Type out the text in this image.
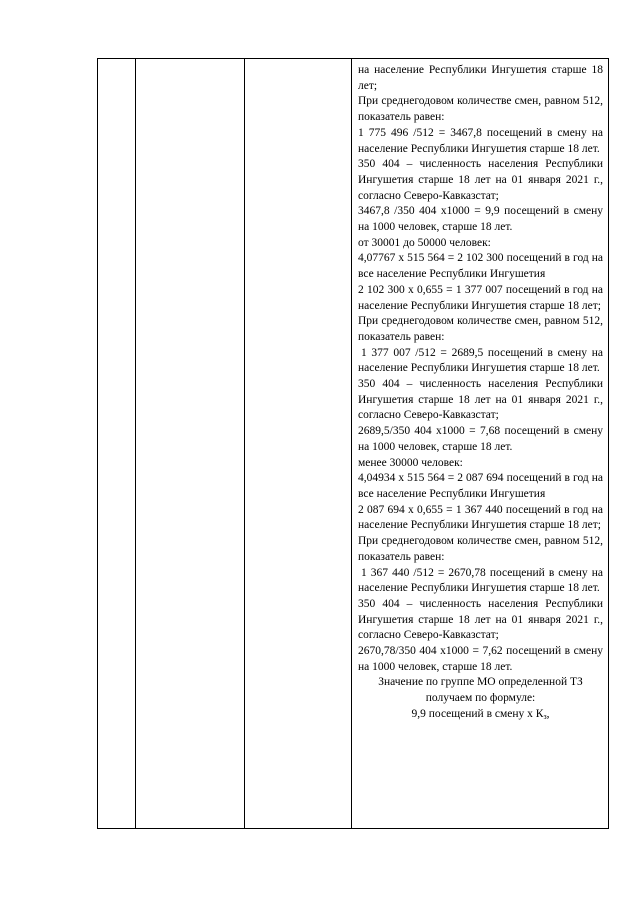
на население Республики Ингушетия старше 18 лет;

При среднегодовом количестве смен, равном 512, показатель равен:

1 775 496 /512 = 3467,8 посещений в смену на население Республики Ингушетия старше 18 лет.

350 404 – численность населения Республики Ингушетия старше 18 лет на 01 января 2021 г., согласно Северо-Кавказстат;

3467,8 /350 404 х1000 = 9,9 посещений в смену на 1000 человек, старше 18 лет.

от 30001 до 50000 человек:

4,07767 х 515 564 = 2 102 300 посещений в год на все население Республики Ингушетия

2 102 300 х 0,655 = 1 377 007 посещений в год на население Республики Ингушетия старше 18 лет;

При среднегодовом количестве смен, равном 512, показатель равен:

1 377 007 /512 = 2689,5 посещений в смену на население Республики Ингушетия старше 18 лет.

350 404 – численность населения Республики Ингушетия старше 18 лет на 01 января 2021 г., согласно Северо-Кавказстат;

2689,5/350 404 х1000 = 7,68 посещений в смену на 1000 человек, старше 18 лет.

менее 30000 человек:

4,04934 х 515 564 = 2 087 694 посещений в год на все население Республики Ингушетия

2 087 694 х 0,655 = 1 367 440 посещений в год на население Республики Ингушетия старше 18 лет;

При среднегодовом количестве смен, равном 512, показатель равен:

1 367 440 /512 = 2670,78 посещений в смену на население Республики Ингушетия старше 18 лет.

350 404 – численность населения Республики Ингушетия старше 18 лет на 01 января 2021 г., согласно Северо-Кавказстат;

2670,78/350 404 х1000 = 7,62 посещений в смену на 1000 человек, старше 18 лет.

Значение по группе МО определенной ТЗ получаем по формуле:

9,9 посещений в смену х $К_з$,
